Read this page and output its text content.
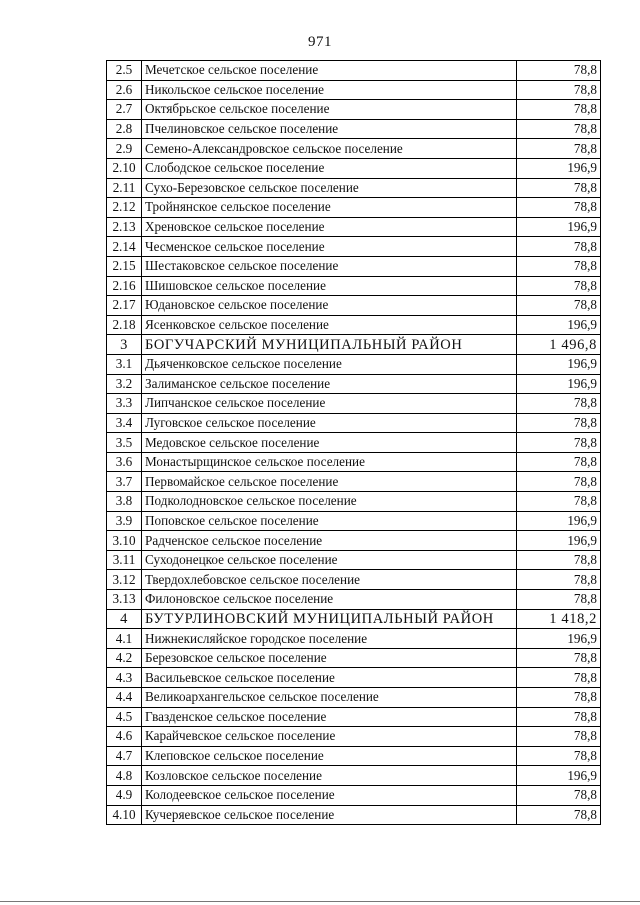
971
2.5	Мечетское сельское поселение	78,8
2.6	Никольское сельское поселение	78,8
2.7	Октябрьское сельское поселение	78,8
2.8	Пчелиновское сельское поселение	78,8
2.9	Семено-Александровское сельское поселение	78,8
2.10	Слободское сельское поселение	196,9
2.11	Сухо-Березовское сельское поселение	78,8
2.12	Тройнянское сельское поселение	78,8
2.13	Хреновское сельское поселение	196,9
2.14	Чесменское сельское поселение	78,8
2.15	Шестаковское сельское поселение	78,8
2.16	Шишовское сельское поселение	78,8
2.17	Юдановское сельское поселение	78,8
2.18	Ясенковское сельское поселение	196,9
3	БОГУЧАРСКИЙ МУНИЦИПАЛЬНЫЙ РАЙОН	1 496,8
3.1	Дьяченковское сельское поселение	196,9
3.2	Залиманское сельское поселение	196,9
3.3	Липчанское сельское поселение	78,8
3.4	Луговское сельское поселение	78,8
3.5	Медовское сельское поселение	78,8
3.6	Монастырщинское сельское поселение	78,8
3.7	Первомайское сельское поселение	78,8
3.8	Подколодновское сельское поселение	78,8
3.9	Поповское сельское поселение	196,9
3.10	Радченское сельское поселение	196,9
3.11	Суходонецкое сельское поселение	78,8
3.12	Твердохлебовское сельское поселение	78,8
3.13	Филоновское сельское поселение	78,8
4	БУТУРЛИНОВСКИЙ МУНИЦИПАЛЬНЫЙ РАЙОН	1 418,2
4.1	Нижнекисляйское городское поселение	196,9
4.2	Березовское сельское поселение	78,8
4.3	Васильевское сельское поселение	78,8
4.4	Великоархангельское сельское поселение	78,8
4.5	Гвазденское сельское поселение	78,8
4.6	Карайчевское сельское поселение	78,8
4.7	Клеповское сельское поселение	78,8
4.8	Козловское сельское поселение	196,9
4.9	Колодеевское сельское поселение	78,8
4.10	Кучеряевское сельское поселение	78,8
